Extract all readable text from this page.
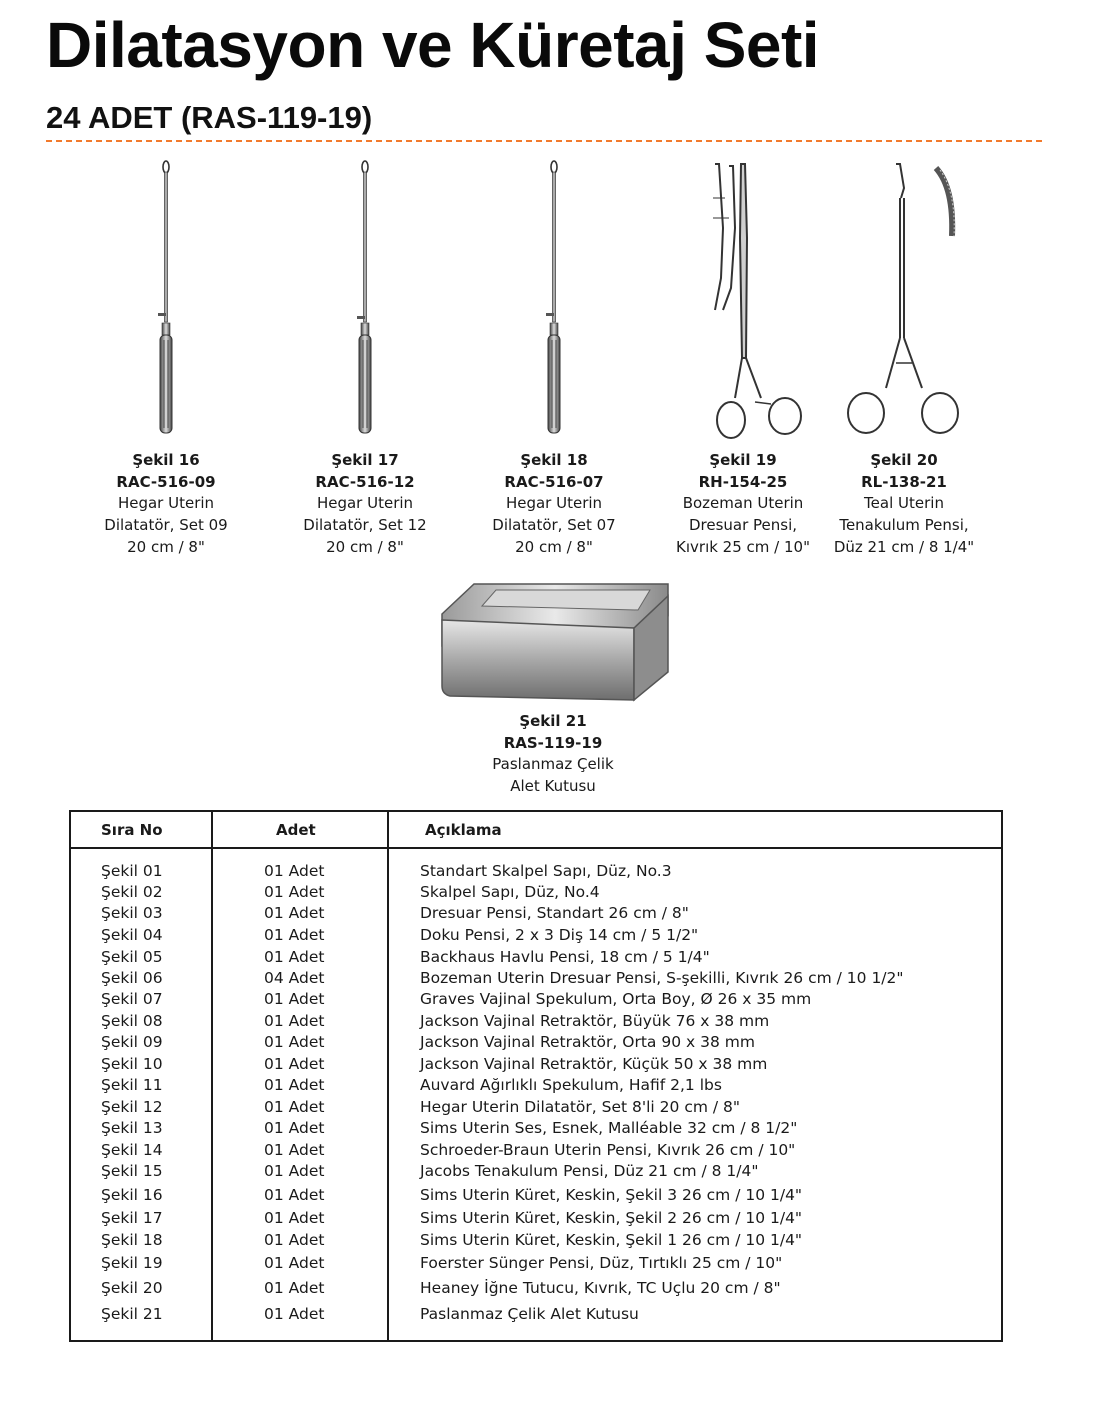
Dilatasyon ve Küretaj Seti
24 ADET (RAS-119-19)
Şekil 16
RAC-516-09
Hegar Uterin
Dilatatör, Set 09
20 cm / 8"
Şekil 17
RAC-516-12
Hegar Uterin
Dilatatör, Set 12
20 cm / 8"
Şekil 18
RAC-516-07
Hegar Uterin
Dilatatör, Set 07
20 cm / 8"
Şekil 19
RH-154-25
Bozeman Uterin
Dresuar Pensi,
Kıvrık 25 cm / 10"
Şekil 20
RL-138-21
Teal Uterin
Tenakulum Pensi,
Düz 21 cm / 8 1/4"
Şekil 21
RAS-119-19
Paslanmaz Çelik
Alet Kutusu
Sıra No	Adet	Açıklama
Şekil 01	01 Adet	Standart Skalpel Sapı, Düz, No.3
Şekil 02	01 Adet	Skalpel Sapı, Düz, No.4
Şekil 03	01 Adet	Dresuar Pensi, Standart 26 cm / 8"
Şekil 04	01 Adet	Doku Pensi, 2 x 3 Diş 14 cm / 5 1/2"
Şekil 05	01 Adet	Backhaus Havlu Pensi, 18 cm / 5 1/4"
Şekil 06	04 Adet	Bozeman Uterin Dresuar Pensi, S-şekilli, Kıvrık 26 cm / 10 1/2"
Şekil 07	01 Adet	Graves Vajinal Spekulum, Orta Boy, Ø 26 x 35 mm
Şekil 08	01 Adet	Jackson Vajinal Retraktör, Büyük 76 x 38 mm
Şekil 09	01 Adet	Jackson Vajinal Retraktör, Orta 90 x 38 mm
Şekil 10	01 Adet	Jackson Vajinal Retraktör, Küçük 50 x 38 mm
Şekil 11	01 Adet	Auvard Ağırlıklı Spekulum, Hafif 2,1 lbs
Şekil 12	01 Adet	Hegar Uterin Dilatatör, Set 8'li 20 cm / 8"
Şekil 13	01 Adet	Sims Uterin Ses, Esnek, Malléable 32 cm / 8 1/2"
Şekil 14	01 Adet	Schroeder-Braun Uterin Pensi, Kıvrık 26 cm / 10"
Şekil 15	01 Adet	Jacobs Tenakulum Pensi, Düz 21 cm / 8 1/4"
Şekil 16	01 Adet	Sims Uterin Küret, Keskin, Şekil 3 26 cm / 10 1/4"
Şekil 17	01 Adet	Sims Uterin Küret, Keskin, Şekil 2 26 cm / 10 1/4"
Şekil 18	01 Adet	Sims Uterin Küret, Keskin, Şekil 1 26 cm / 10 1/4"
Şekil 19	01 Adet	Foerster Sünger Pensi, Düz, Tırtıklı 25 cm / 10"
Şekil 20	01 Adet	Heaney İğne Tutucu, Kıvrık, TC Uçlu 20 cm / 8"
Şekil 21	01 Adet	Paslanmaz Çelik Alet Kutusu
